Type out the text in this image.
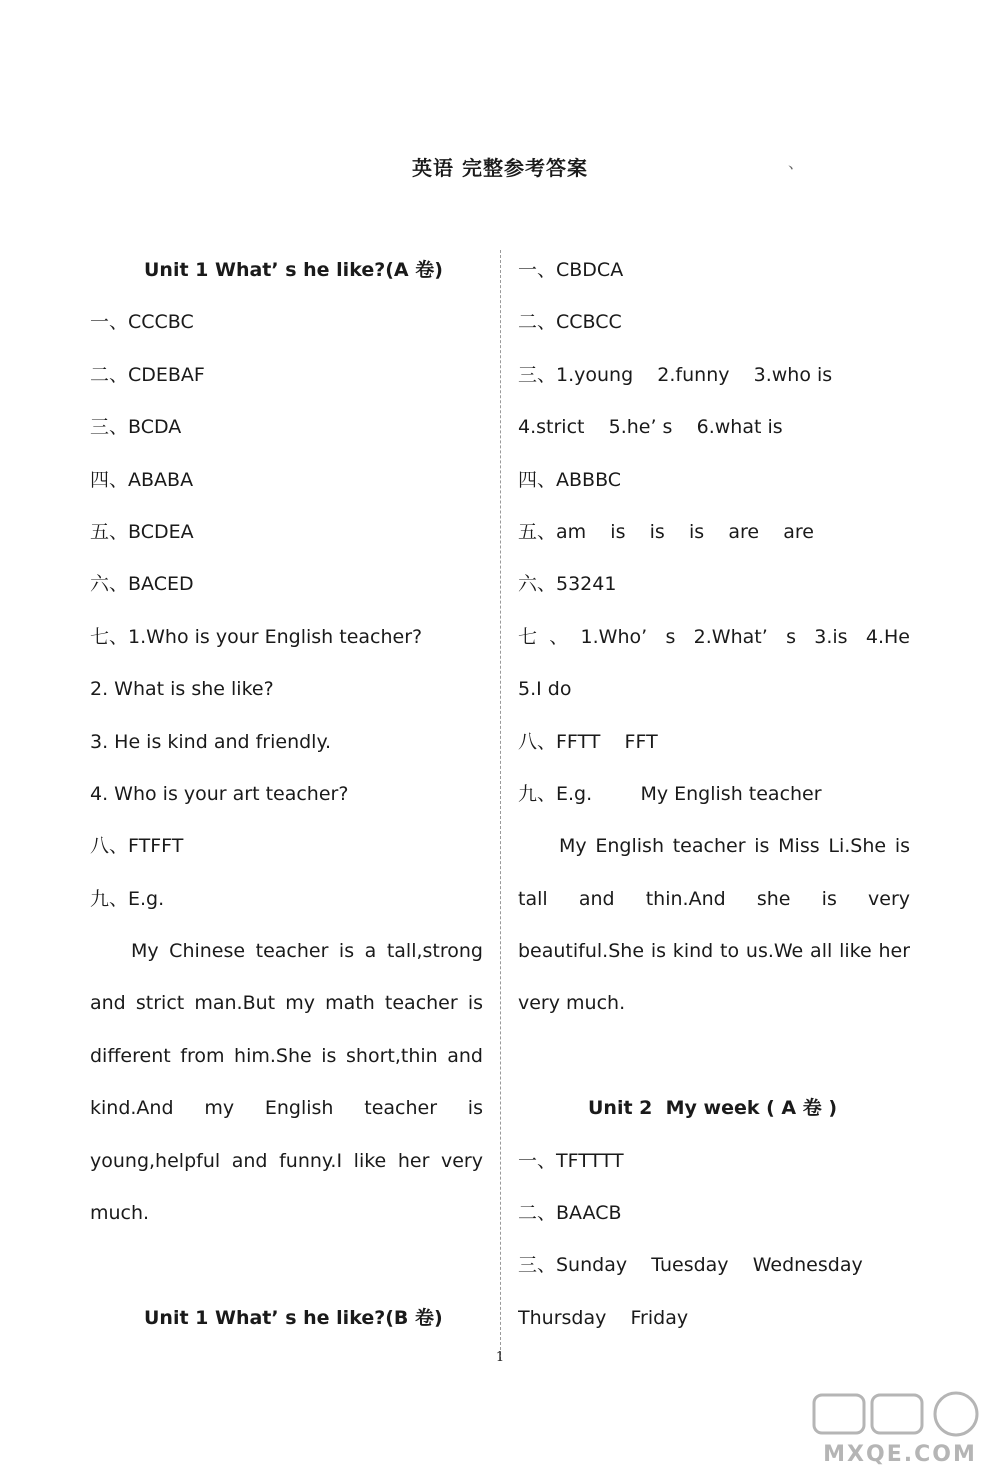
英语 完整参考答案	、
Unit 1 What’ s he like?(A 卷)
一、CCCBC
二、CDEBAF
三、BCDA
四、ABABA
五、BCDEA
六、BACED
七、1.Who is your English teacher?
2. What is she like?
3. He is kind and friendly.
4. Who is your art teacher?
八、FTFFT
九、E.g.
My Chinese teacher is a tall,strong
and strict man.But my math teacher is
different from him.She is short,thin and
kind.And my English teacher is
young,helpful and funny.I like her very
much.
Unit 1 What’ s he like?(B 卷)
一、CBDCA
二、CCBCC
三、1.young    2.funny    3.who is
4.strict    5.he’ s    6.what is
四、ABBBC
五、am    is    is    is    are    are
六、53241
七、1.Who’ s 2.What’ s 3.is 4.He
5.I do
八、FFTT    FFT
九、E.g.        My English teacher
My English teacher is Miss Li.She is
tall and thin.And she is very
beautiful.She is kind to us.We all like her
very much.
Unit 2  My week ( A 卷 )
一、TFTTTT
二、BAACB
三、Sunday    Tuesday    Wednesday
Thursday    Friday
1
MXQE.COM
